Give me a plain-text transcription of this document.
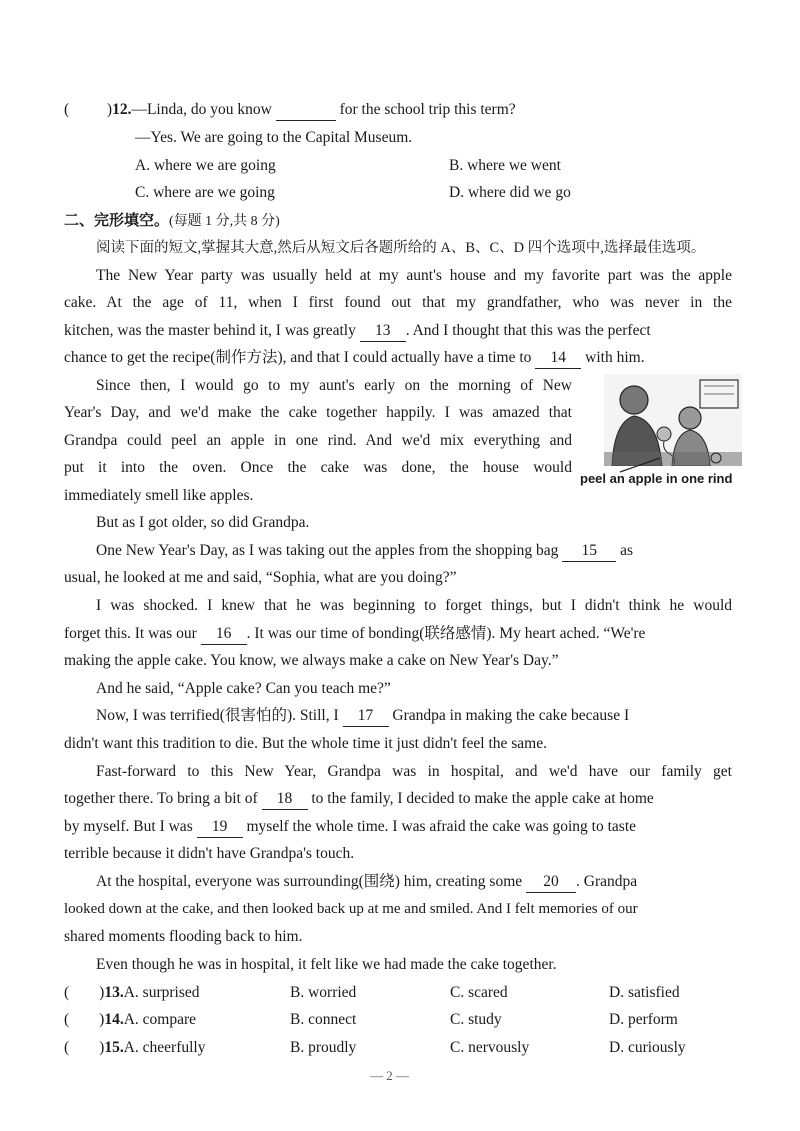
( )12.—Linda, do you know	for the school trip this term?
—Yes. We are going to the Capital Museum.
A. where we are going	B. where we went
C. where are we going	D. where did we go
二、完形填空。(每题 1 分,共 8 分)
阅读下面的短文,掌握其大意,然后从短文后各题所给的 A、B、C、D 四个选项中,选择最佳选项。
The New Year party was usually held at my aunt's house and my favorite part was the apple
cake. At the age of 11, when I first found out that my grandfather, who was never in the
kitchen, was the master behind it, I was greatly 13 . And I thought that this was the perfect
chance to get the recipe(制作方法), and that I could actually have a time to 14 with him.
Since then, I would go to my aunt's early on the morning of New
Year's Day, and we'd make the cake together happily. I was amazed that
Grandpa could peel an apple in one rind. And we'd mix everything and
put it into the oven. Once the cake was done, the house would
immediately smell like apples.
peel an apple in one rind
But as I got older, so did Grandpa.
One New Year's Day, as I was taking out the apples from the shopping bag 15 as
usual, he looked at me and said, “Sophia, what are you doing?”
I was shocked. I knew that he was beginning to forget things, but I didn't think he would
forget this. It was our 16 . It was our time of bonding(联络感情). My heart ached. “We're
making the apple cake. You know, we always make a cake on New Year's Day.”
And he said, “Apple cake? Can you teach me?”
Now, I was terrified(很害怕的). Still, I 17 Grandpa in making the cake because I
didn't want this tradition to die. But the whole time it just didn't feel the same.
Fast-forward to this New Year, Grandpa was in hospital, and we'd have our family get
together there. To bring a bit of 18 to the family, I decided to make the apple cake at home
by myself. But I was 19 myself the whole time. I was afraid the cake was going to taste
terrible because it didn't have Grandpa's touch.
At the hospital, everyone was surrounding(围绕) him, creating some 20 . Grandpa
looked down at the cake, and then looked back up at me and smiled. And I felt memories of our
shared moments flooding back to him.
Even though he was in hospital, it felt like we had made the cake together.
( )13.A. surprised	B. worried	C. scared	D. satisfied
( )14.A. compare	B. connect	C. study	D. perform
( )15.A. cheerfully	B. proudly	C. nervously	D. curiously
— 2 —
